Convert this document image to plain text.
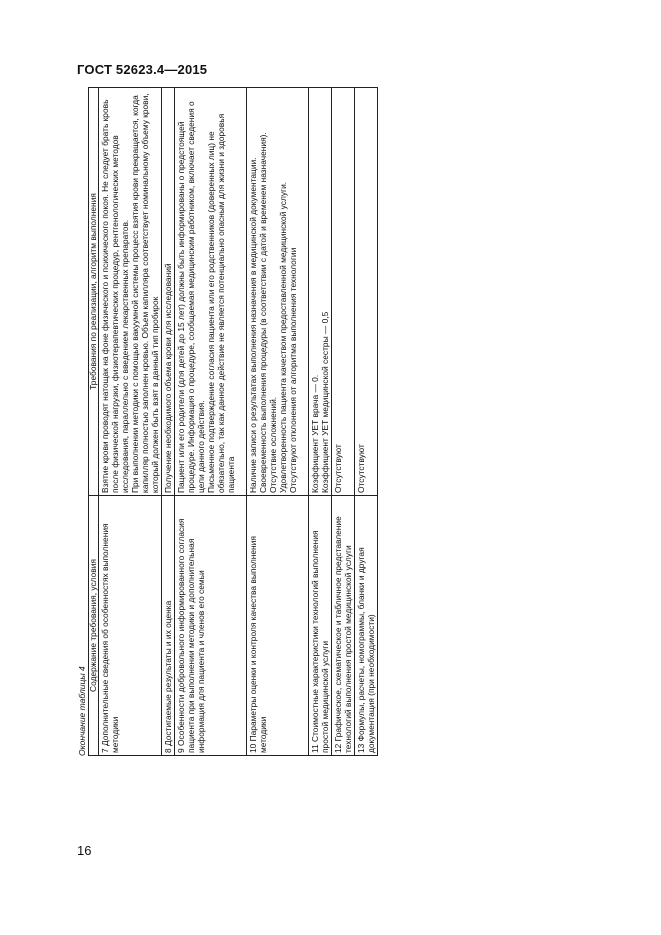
ГОСТ 52623.4—2015
Окончание таблицы 4
Содержание требования, условия	Требования по реализации, алгоритм выполнения
7 Дополнительные сведения об особенностях выполнения методики	Взятие крови проводят натощак на фоне физического и психического покоя. Не следует брать кровь после физической нагрузки, физиотерапевтических процедур, рентгенологических методов исследования, параллельно с введением лекарственных препаратов. При выполнении методики с помощью вакуумной системы процесс взятия крови прекращается, когда капилляр полностью заполнен кровью. Объем капилляра соответствует номинальному объему крови, который должен быть взят в данный тип пробирок

8 Достигаемые результаты и их оценка	Получение необходимого объема крови для исследований

9 Особенности добровольного информированного согласия пациента при выполнении методики и дополнительная информация для пациента и членов его семьи	Пациент или его родители (для детей до 15 лет) должны быть информированы о предстоящей процедуре. Информация о процедуре, сообщаемая медицинским работником, включает сведения о цели данного действия. Письменное подтверждение согласия пациента или его родственников (доверенных лиц) не обязательно, так как данное действие не является потенциально опасным для жизни и здоровья пациента

10 Параметры оценки и контроля качества выполнения методики	Наличие записи о результатах выполнения назначения в медицинской документации. Своевременность выполнения процедуры (в соответствии с датой и временем назначения). Отсутствие осложнений. Удовлетворенность пациента качеством предоставленной медицинской услуги. Отсутствуют отклонения от алгоритма выполнения технологии

11 Стоимостные характеристики технологий выполнения простой медицинской услуги	Коэффициент УЕТ врача — 0. Коэффициент УЕТ медицинской сестры — 0,5

12 Графическое, схематическое и табличное представление технологий выполнения простой медицинской услуги	Отсутствуют

13 Формулы, расчеты, номограммы, бланки и другая документация (при необходимости)	Отсутствуют

16
